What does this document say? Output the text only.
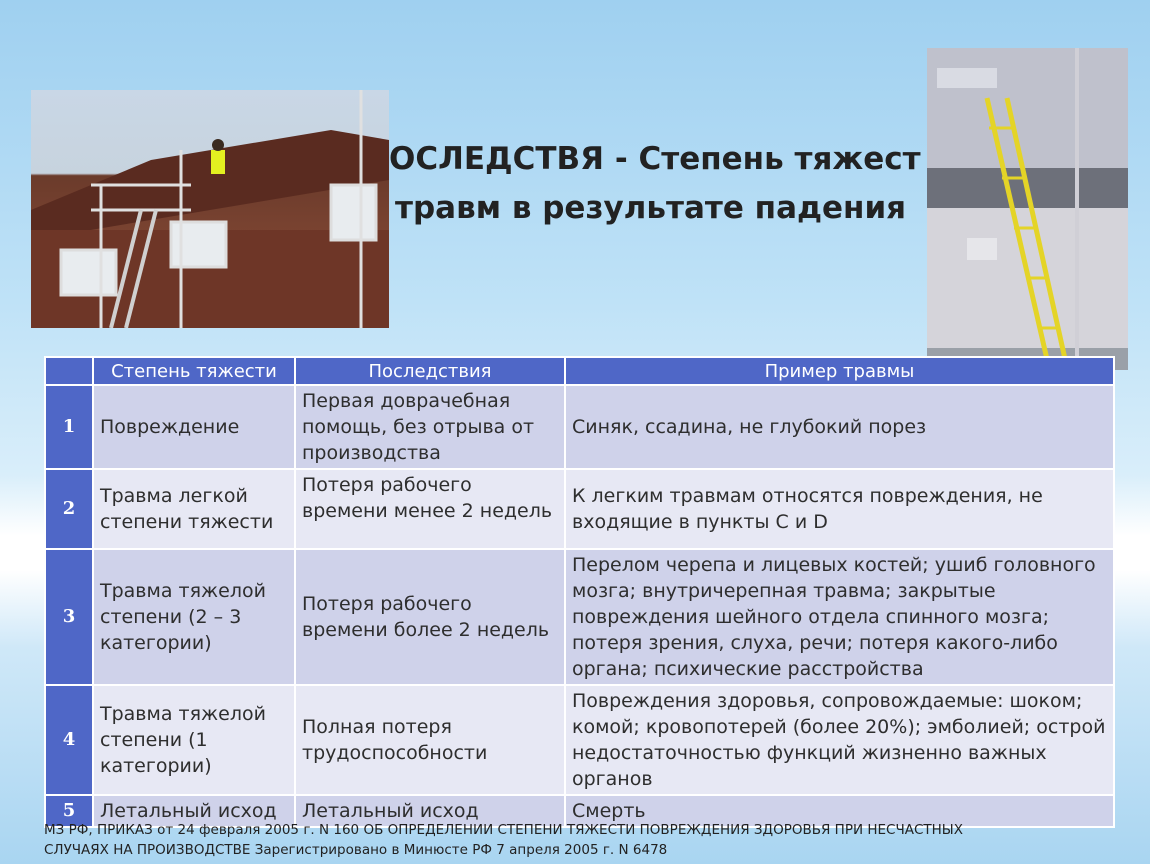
ОСЛЕДСТВЯ - Степень тяжест
травм в результате падения
	Степень тяжести	Последствия	Пример травмы
1	Повреждение	Первая доврачебная помощь, без отрыва от производства	Синяк, ссадина, не глубокий порез
2	Травма легкой степени тяжести	Потеря рабочего времени менее 2 недель	К легким травмам относятся повреждения, не входящие в пункты С и D
3	Травма тяжелой степени (2 – 3 категории)	Потеря рабочего времени более 2 недель	Перелом черепа и лицевых костей; ушиб головного мозга; внутричерепная травма; закрытые повреждения шейного отдела спинного мозга; потеря зрения, слуха, речи; потеря какого-либо органа; психические расстройства
4	Травма тяжелой степени (1 категории)	Полная потеря трудоспособности	Повреждения здоровья, сопровождаемые: шоком; комой; кровопотерей (более 20%); эмболией; острой недостаточностью функций жизненно важных органов
5	Летальный исход	Летальный исход	Смерть
МЗ РФ, ПРИКАЗ от 24 февраля 2005 г. N 160 ОБ ОПРЕДЕЛЕНИИ СТЕПЕНИ ТЯЖЕСТИ ПОВРЕЖДЕНИЯ ЗДОРОВЬЯ ПРИ НЕСЧАСТНЫХ
СЛУЧАЯХ НА ПРОИЗВОДСТВЕ Зарегистрировано в Минюсте РФ 7 апреля 2005 г. N 6478
